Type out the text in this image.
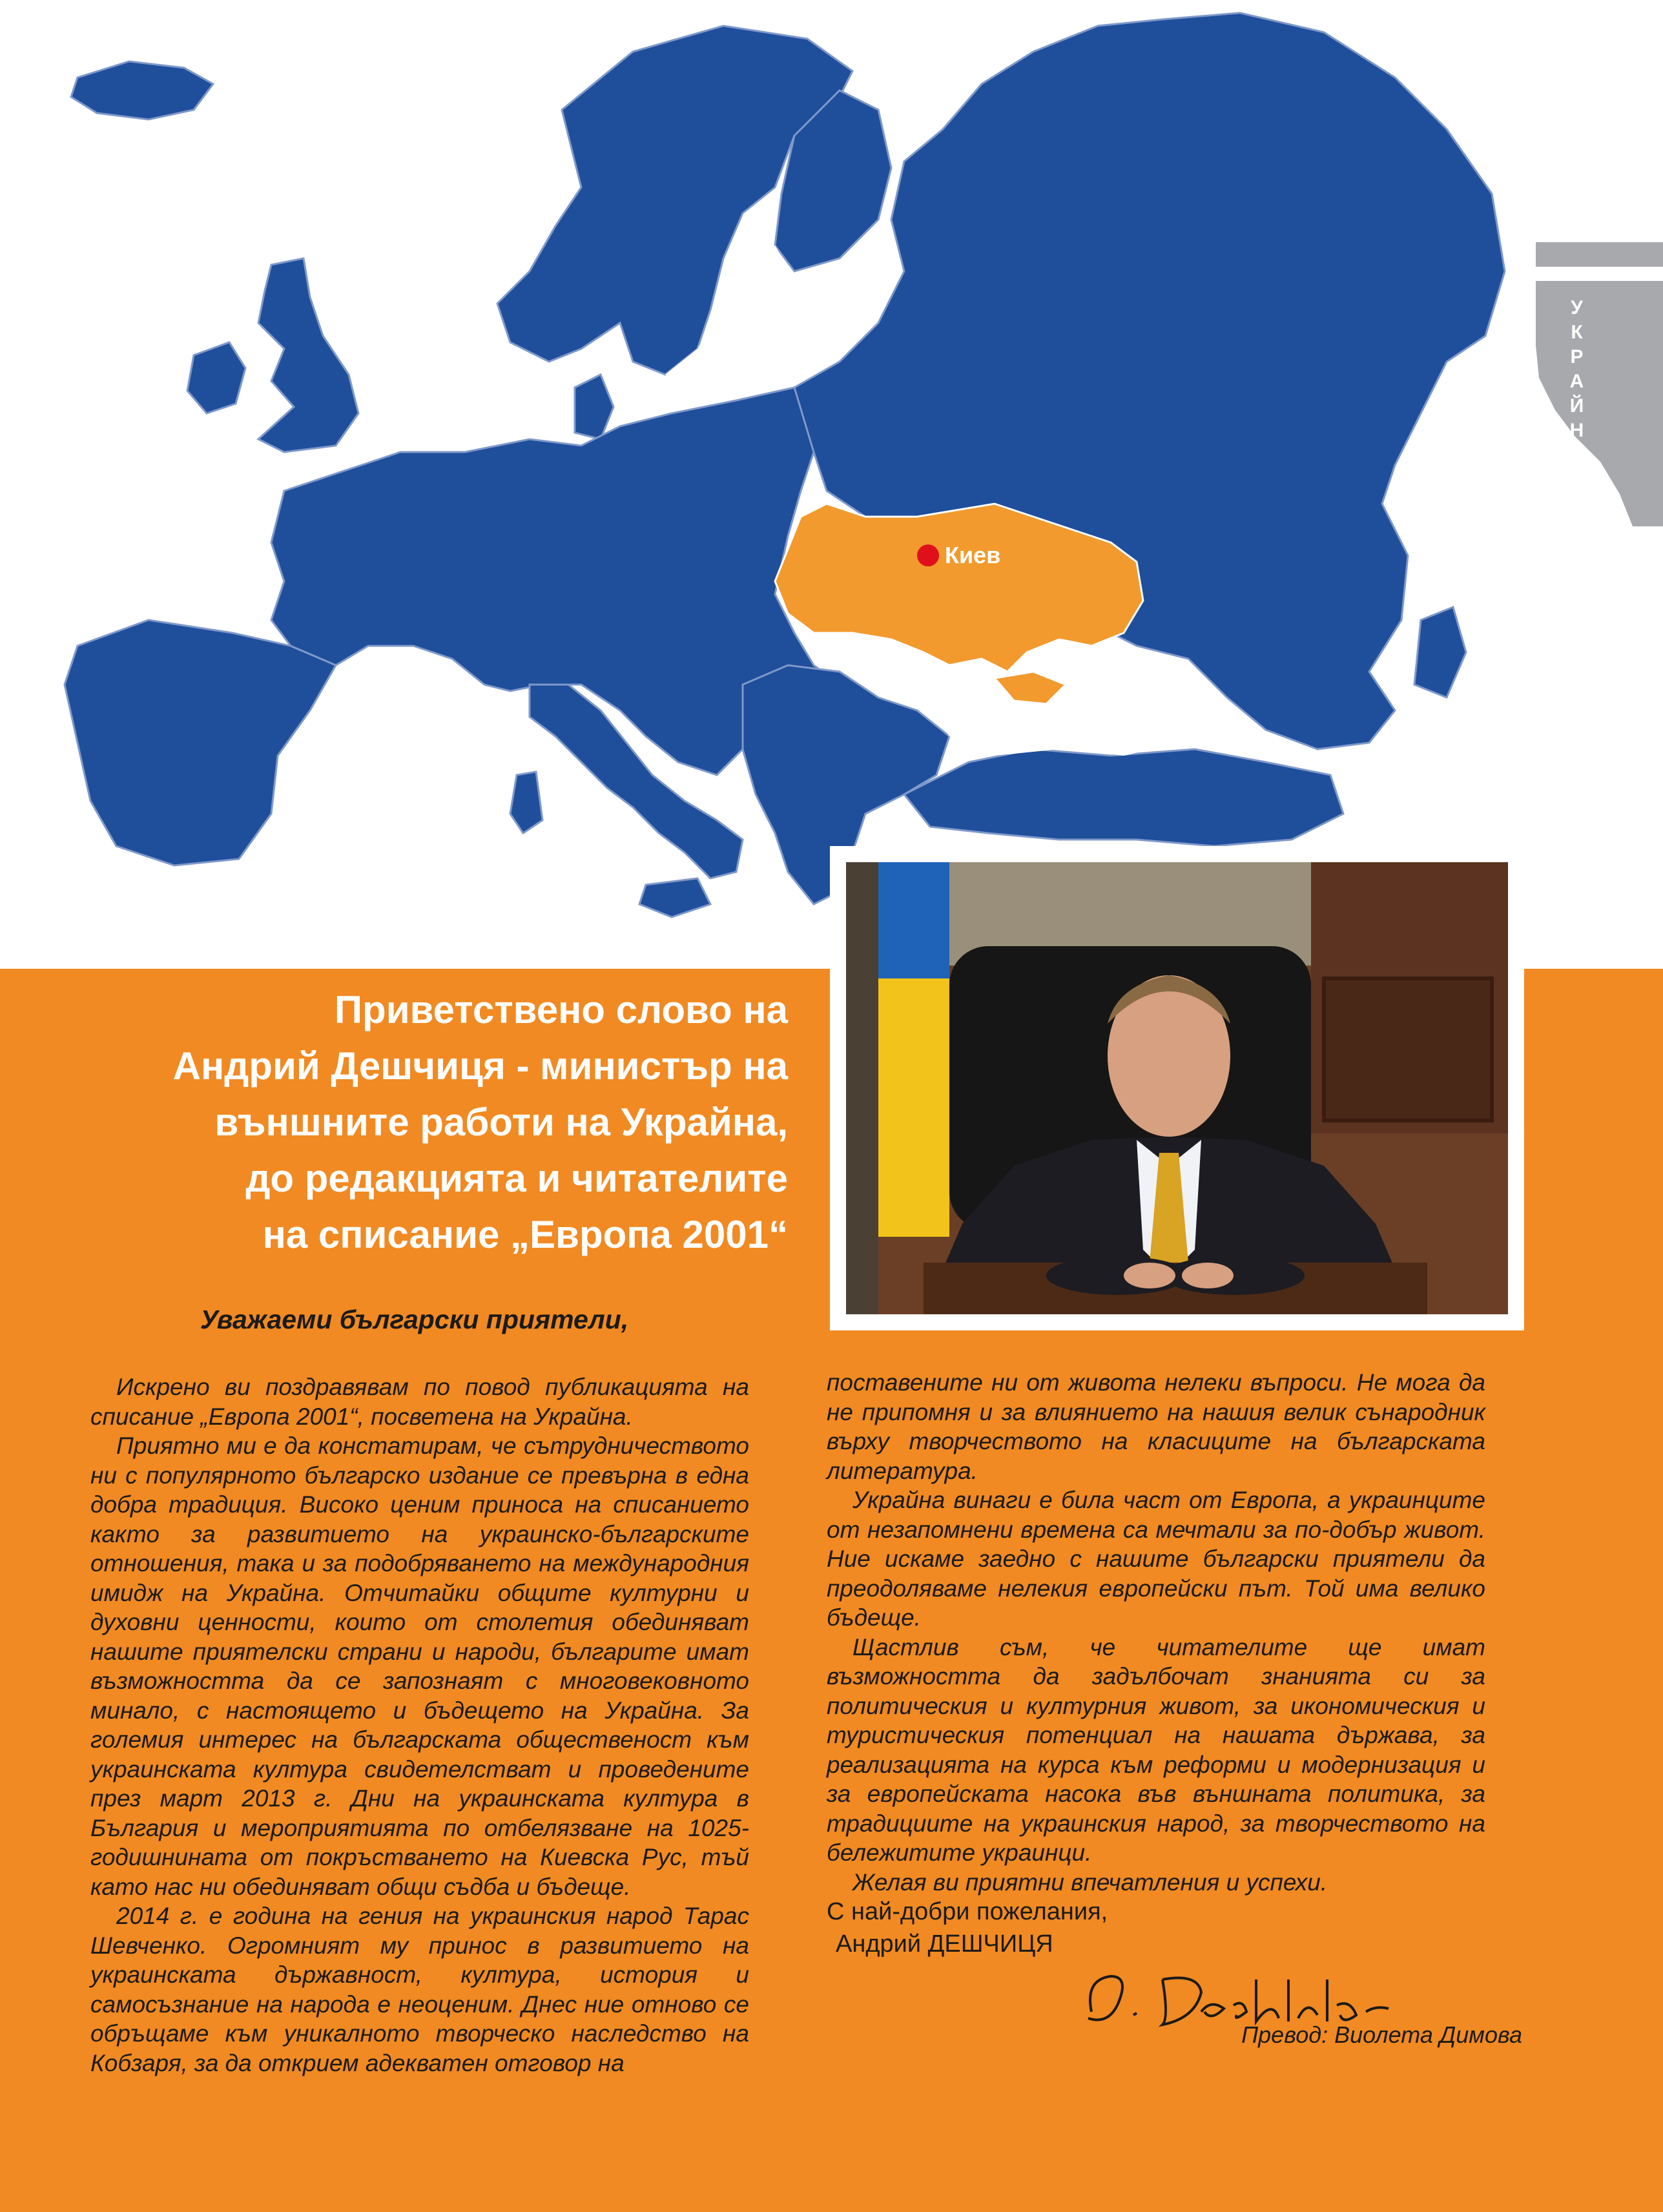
Киев
УКРАЙНА
Приветствено слово на
Андрий Дешчиця - министър на
външните работи на Украйна,
до редакцията и читателите
на списание „Европа 2001“
Уважаеми български приятели,

Искрено ви поздравявам по повод публикацията на списание „Европа 2001“, посветена на Украйна.

Приятно ми е да констатирам, че сътрудничеството ни с популярното българско издание се превърна в една добра традиция. Високо ценим приноса на списанието както за развитието на украинско-българските отношения, така и за подобряването на международния имидж на Украйна. Отчитайки общите културни и духовни ценности, които от столетия обединяват нашите приятелски страни и народи, българите имат възможността да се запознаят с многовековното минало, с настоящето и бъдещето на Украйна. За големия интерес на българската общественост към украинската култура свидетелстват и проведените през март 2013 г. Дни на украинската култура в България и мероприятията по отбелязване на 1025-годишнината от покръстването на Киевска Рус, тъй като нас ни обединяват общи съдба и бъдеще.

2014 г. е година на гения на украинския народ Тарас Шевченко. Огромният му принос в развитието на украинската държавност, култура, история и самосъзнание на народа е неоценим. Днес ние отново се обръщаме към уникалното творческо наследство на Кобзаря, за да открием адекватен отговор на

поставените ни от живота нелеки въпроси. Не мога да не припомня и за влиянието на нашия велик сънародник върху творчеството на класиците на българската литература.

Украйна винаги е била част от Европа, а украинците от незапомнени времена са мечтали за по-добър живот. Ние искаме заедно с нашите български приятели да преодоляваме нелекия европейски път. Той има велико бъдеще.

Щастлив съм, че читателите ще имат възможността да задълбочат знанията си за политическия и културния живот, за икономическия и туристическия потенциал на нашата държава, за реализацията на курса към реформи и модернизация и за европейската насока във външната политика, за традициите на украинския народ, за творчеството на бележитите украинци.

Желая ви приятни впечатления и успехи.

С най-добри пожелания,
Андрий ДЕШЧИЦЯ
Превод: Виолета Димова
